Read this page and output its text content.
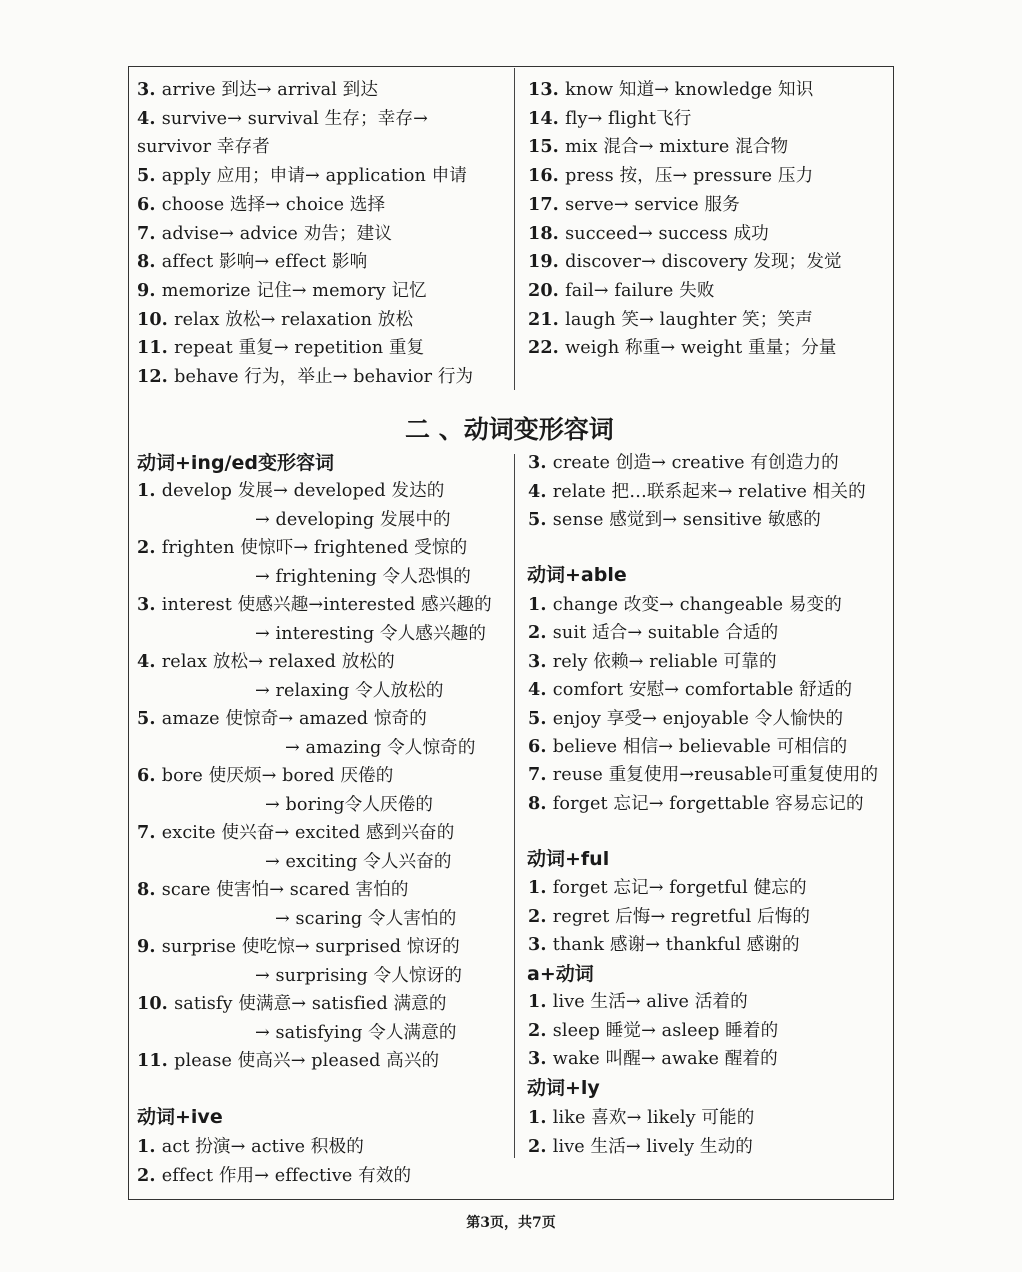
3. arrive 到达→ arrival 到达
4. survive→ survival 生存；幸存→
survivor 幸存者
5. apply 应用；申请→ application 申请
6. choose 选择→ choice 选择
7. advise→ advice 劝告；建议
8. affect 影响→ effect 影响
9. memorize 记住→ memory 记忆
10. relax 放松→ relaxation 放松
11. repeat 重复→ repetition 重复
12. behave 行为，举止→ behavior 行为
13. know 知道→ knowledge 知识
14. fly→ flight飞行
15. mix 混合→ mixture 混合物
16. press 按，压→ pressure 压力
17. serve→ service 服务
18. succeed→ success 成功
19. discover→ discovery 发现；发觉
20. fail→ failure 失败
21. laugh 笑→ laughter 笑；笑声
22. weigh 称重→ weight 重量；分量
二 、动词变形容词
动词+ing/ed变形容词
1. develop 发展→ developed 发达的
→ developing 发展中的
2. frighten 使惊吓→ frightened 受惊的
→ frightening 令人恐惧的
3. interest 使感兴趣→interested 感兴趣的
→ interesting 令人感兴趣的
4. relax 放松→ relaxed 放松的
→ relaxing 令人放松的
5. amaze 使惊奇→ amazed 惊奇的
→ amazing 令人惊奇的
6. bore 使厌烦→ bored 厌倦的
→ boring令人厌倦的
7. excite 使兴奋→ excited 感到兴奋的
→ exciting 令人兴奋的
8. scare 使害怕→ scared 害怕的
→ scaring 令人害怕的
9. surprise 使吃惊→ surprised 惊讶的
→ surprising 令人惊讶的
10. satisfy 使满意→ satisfied 满意的
→ satisfying 令人满意的
11. please 使高兴→ pleased 高兴的
动词+ive
1. act 扮演→ active 积极的
2. effect 作用→ effective 有效的
3. create 创造→ creative 有创造力的
4. relate 把…联系起来→ relative 相关的
5. sense 感觉到→ sensitive 敏感的
动词+able
1. change 改变→ changeable 易变的
2. suit 适合→ suitable 合适的
3. rely 依赖→ reliable 可靠的
4. comfort 安慰→ comfortable 舒适的
5. enjoy 享受→ enjoyable 令人愉快的
6. believe 相信→ believable 可相信的
7. reuse 重复使用→reusable可重复使用的
8. forget 忘记→ forgettable 容易忘记的
动词+ful
1. forget 忘记→ forgetful 健忘的
2. regret 后悔→ regretful 后悔的
3. thank 感谢→ thankful 感谢的
a+动词
1. live 生活→ alive 活着的
2. sleep 睡觉→ asleep 睡着的
3. wake 叫醒→ awake 醒着的
动词+ly
1. like 喜欢→ likely 可能的
2. live 生活→ lively 生动的
第3页，共7页
